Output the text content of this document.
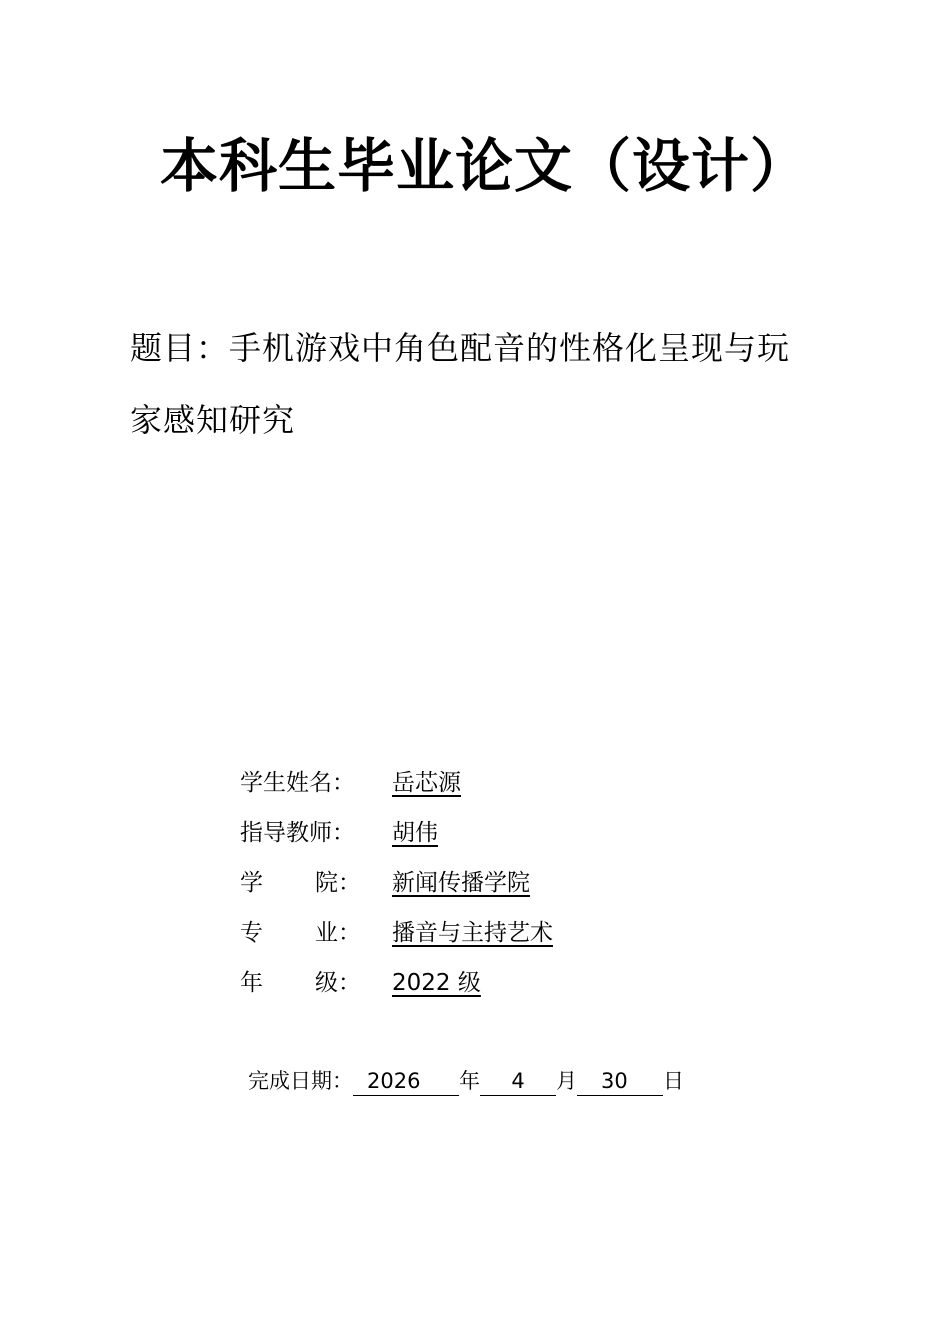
本科生毕业论文（设计）
题目：手机游戏中角色配音的性格化呈现与玩
家感知研究
学生姓名： 岳芯源
指导教师： 胡伟
学 院： 新闻传播学院
专 业： 播音与主持艺术
年 级： 2022 级
完成日期： 2026 年 4 月 30 日
